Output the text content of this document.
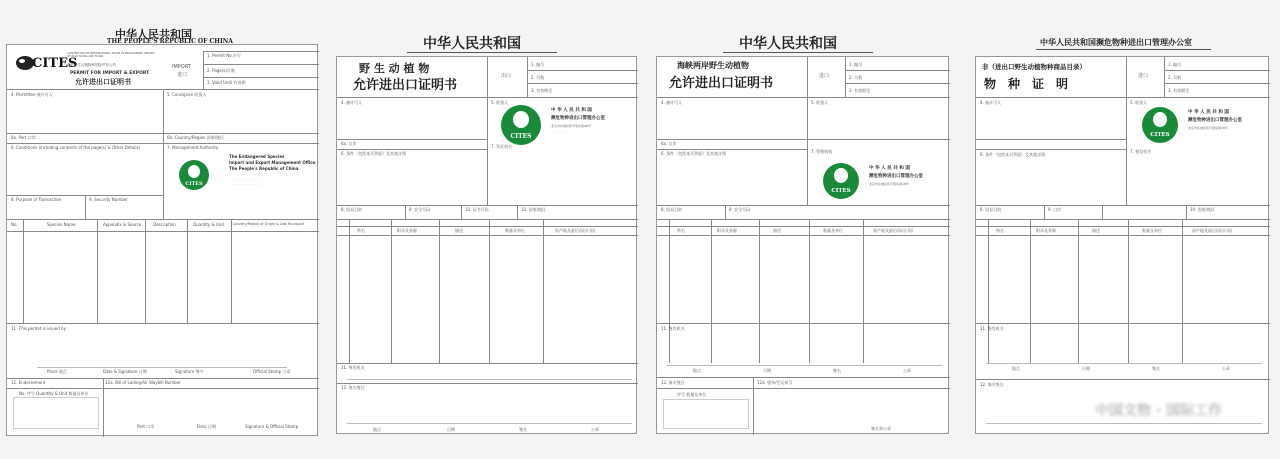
中华人民共和国
THE PEOPLE'S REPUBLIC OF CHINA
CITES
CONVENTION ON INTERNATIONAL TRADE IN ENDANGERED SPECIES OF WILD FAUNA AND FLORA
濒危野生动植物种国际贸易公约
PERMIT FOR IMPORT & EXPORT
允许进出口证明书
IMPORT
进口
1. Permit No.许可
2. Page(s)页数
3. Valid Until 有效期
4. Permittee 被许可人	5. Consignee 收货人
6a. Port 口岸	6b. Country/Region 国家/地区
6. Conditions (including contents of the page(s) & Other Details)	7. Management Authority
CITES
The Endangered Species
Import and Export Management Office
The People's Republic of China
· · · · · · · · · · · · · · · · ·
· · · · · · · · · · · · · · · · ·
· · · · · · · · · · · · · · · · ·
8. Purpose of Transaction	9. Security Number
No.	Species Name	Appendix & Source	Description	Quantity & Unit	Country/Region of Origin & Last Re-export
11. This permit is issued by
Place 地点	Date & Signature 日期	Signature 签字	Official Stamp 公章
12. Endorsement	12a. Bill of Lading/Air Waybill Number
No. 序号 Quantity & Unit 数量及单位
Port 口岸	Date 日期	Signature & Official Stamp
中华人民共和国
野 生 动 植 物
允许进出口证明书
出口
1. 编号
2. 页数
3. 有效期至
4. 被许可人	5. 收货人
6a. 口岸
6. 条件（包括本页背面）及其他详情
7. 发证机关
CITES
中 华 人 民 共 和 国
濒危物种进出口管理办公室
北京市东城区和平里东街18号
· · · · · · · · · · ·
8. 贸易目的	9. 安全号码	10. 证书号码	10. 国家/地区
物名	附录及来源	描述	数量及单位	原产地及最后再出口国
11. 签发机关
12. 海关签注
地点	日期	签名	公章
中华人民共和国
海峡两岸野生动植物
允许进出口证明书	进口
1. 编号
2. 页数
3. 有效期至
4. 被许可人	5. 收货人
6a. 口岸
6. 条件（包括本页背面）及其他详情	7. 管理机构
CITES
中 华 人 民 共 和 国
濒危物种进出口管理办公室
北京市东城区和平里东街18号
8. 贸易目的	9. 安全号码
物名	附录及来源	描述	数量及单位	原产地及最后再出口国
11. 签发机关
地点	日期	签名	公章
12. 海关签注	12a. 提单/空运单号
序号 数量及单位
签名和公章
中华人民共和国濒危物种进出口管理办公室
非（进出口野生动植物种商品目录）
物　种　证　明
进口
1. 编号
2. 页数
3. 有效期至
4. 被许可人	5. 收货人
6. 条件（包括本页背面）及其他详情
7. 签发机关
CITES
中 华 人 民 共 和 国
濒危物种进出口管理办公室
北京市东城区和平里东街18号
8. 贸易目的	9. 口岸	10. 国家/地区
物名	附录及来源	描述	数量及单位	原产地及最后再出口国
11. 签发机关
地点	日期	签名	公章
12. 海关签注
中国文物 · 国际工作
